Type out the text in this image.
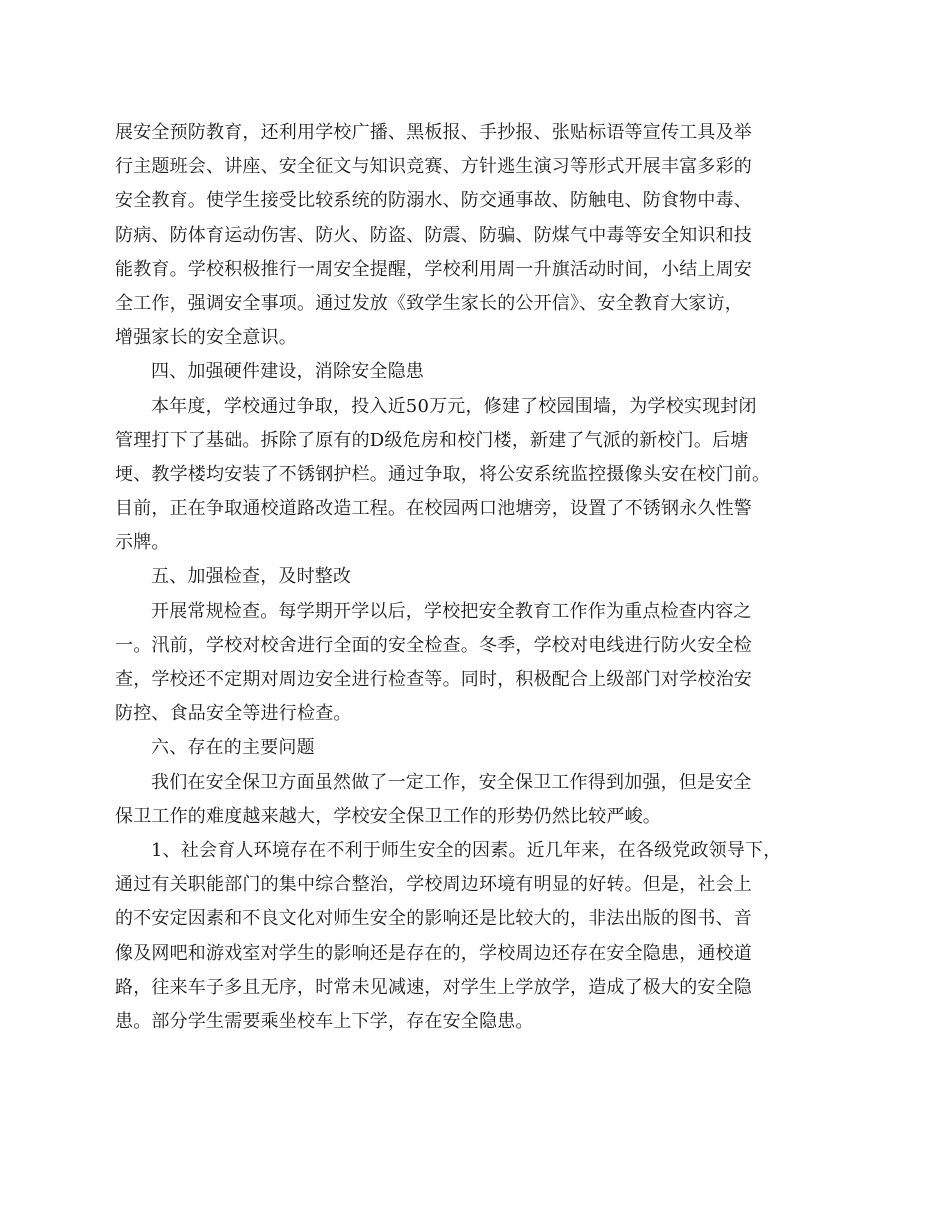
展安全预防教育，还利用学校广播、黑板报、手抄报、张贴标语等宣传工具及举
行主题班会、讲座、安全征文与知识竞赛、方针逃生演习等形式开展丰富多彩的
安全教育。使学生接受比较系统的防溺水、防交通事故、防触电、防食物中毒、
防病、防体育运动伤害、防火、防盗、防震、防骗、防煤气中毒等安全知识和技
能教育。学校积极推行一周安全提醒，学校利用周一升旗活动时间，小结上周安
全工作，强调安全事项。通过发放《致学生家长的公开信》、安全教育大家访，
增强家长的安全意识。
四、加强硬件建设，消除安全隐患
本年度，学校通过争取，投入近50万元，修建了校园围墙，为学校实现封闭
管理打下了基础。拆除了原有的D级危房和校门楼，新建了气派的新校门。后塘
埂、教学楼均安装了不锈钢护栏。通过争取，将公安系统监控摄像头安在校门前。
目前，正在争取通校道路改造工程。在校园两口池塘旁，设置了不锈钢永久性警
示牌。
五、加强检查，及时整改
开展常规检查。每学期开学以后，学校把安全教育工作作为重点检查内容之
一。汛前，学校对校舍进行全面的安全检查。冬季，学校对电线进行防火安全检
查，学校还不定期对周边安全进行检查等。同时，积极配合上级部门对学校治安
防控、食品安全等进行检查。
六、存在的主要问题
我们在安全保卫方面虽然做了一定工作，安全保卫工作得到加强，但是安全
保卫工作的难度越来越大，学校安全保卫工作的形势仍然比较严峻。
1、社会育人环境存在不利于师生安全的因素。近几年来，在各级党政领导下，
通过有关职能部门的集中综合整治，学校周边环境有明显的好转。但是，社会上
的不安定因素和不良文化对师生安全的影响还是比较大的，非法出版的图书、音
像及网吧和游戏室对学生的影响还是存在的，学校周边还存在安全隐患，通校道
路，往来车子多且无序，时常未见减速，对学生上学放学，造成了极大的安全隐
患。部分学生需要乘坐校车上下学，存在安全隐患。
